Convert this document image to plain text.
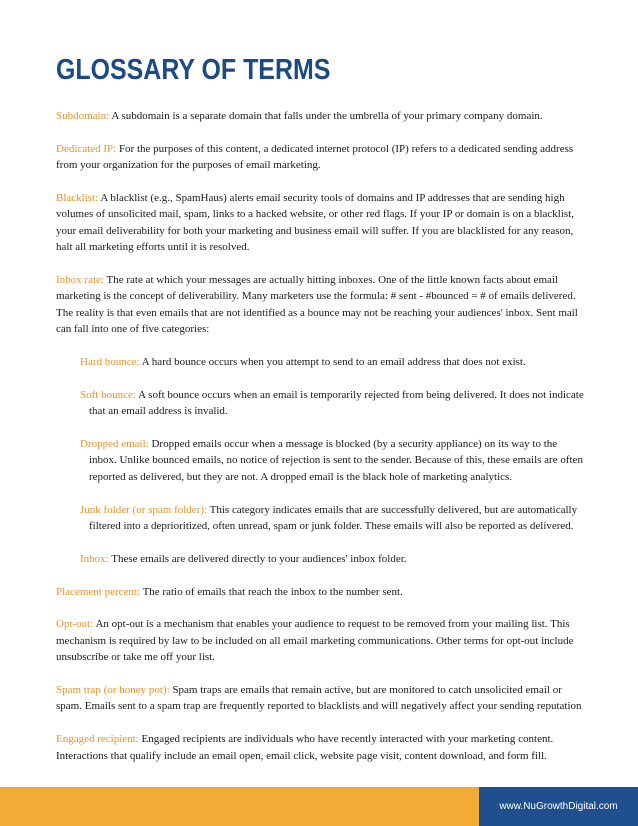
GLOSSARY OF TERMS

Subdomain: A subdomain is a separate domain that falls under the umbrella of your primary company domain.

Dedicated IP: For the purposes of this content, a dedicated internet protocol (IP) refers to a dedicated sending address from your organization for the purposes of email marketing.

Blacklist: A blacklist (e.g., SpamHaus) alerts email security tools of domains and IP addresses that are sending high volumes of unsolicited mail, spam, links to a hacked website, or other red flags. If your IP or domain is on a blacklist, your email deliverability for both your marketing and business email will suffer. If you are blacklisted for any reason, halt all marketing efforts until it is resolved.

Inbox rate: The rate at which your messages are actually hitting inboxes. One of the little known facts about email marketing is the concept of deliverability. Many marketers use the formula: # sent - #bounced = # of emails delivered. The reality is that even emails that are not identified as a bounce may not be reaching your audiences' inbox. Sent mail can fall into one of five categories:

Hard bounce: A hard bounce occurs when you attempt to send to an email address that does not exist.

Soft bounce: A soft bounce occurs when an email is temporarily rejected from being delivered. It does not indicate that an email address is invalid.

Dropped email: Dropped emails occur when a message is blocked (by a security appliance) on its way to the inbox. Unlike bounced emails, no notice of rejection is sent to the sender. Because of this, these emails are often reported as delivered, but they are not. A dropped email is the black hole of marketing analytics.

Junk folder (or spam folder): This category indicates emails that are successfully delivered, but are automatically filtered into a deprioritized, often unread, spam or junk folder. These emails will also be reported as delivered.

Inbox: These emails are delivered directly to your audiences' inbox folder.

Placement percent: The ratio of emails that reach the inbox to the number sent.

Opt-out: An opt-out is a mechanism that enables your audience to request to be removed from your mailing list. This mechanism is required by law to be included on all email marketing communications. Other terms for opt-out include unsubscribe or take me off your list.

Spam trap (or honey pot): Spam traps are emails that remain active, but are monitored to catch unsolicited email or spam. Emails sent to a spam trap are frequently reported to blacklists and will negatively affect your sending reputation

Engaged recipient: Engaged recipients are individuals who have recently interacted with your marketing content. Interactions that qualify include an email open, email click, website page visit, content download, and form fill.

www.NuGrowthDigital.com
